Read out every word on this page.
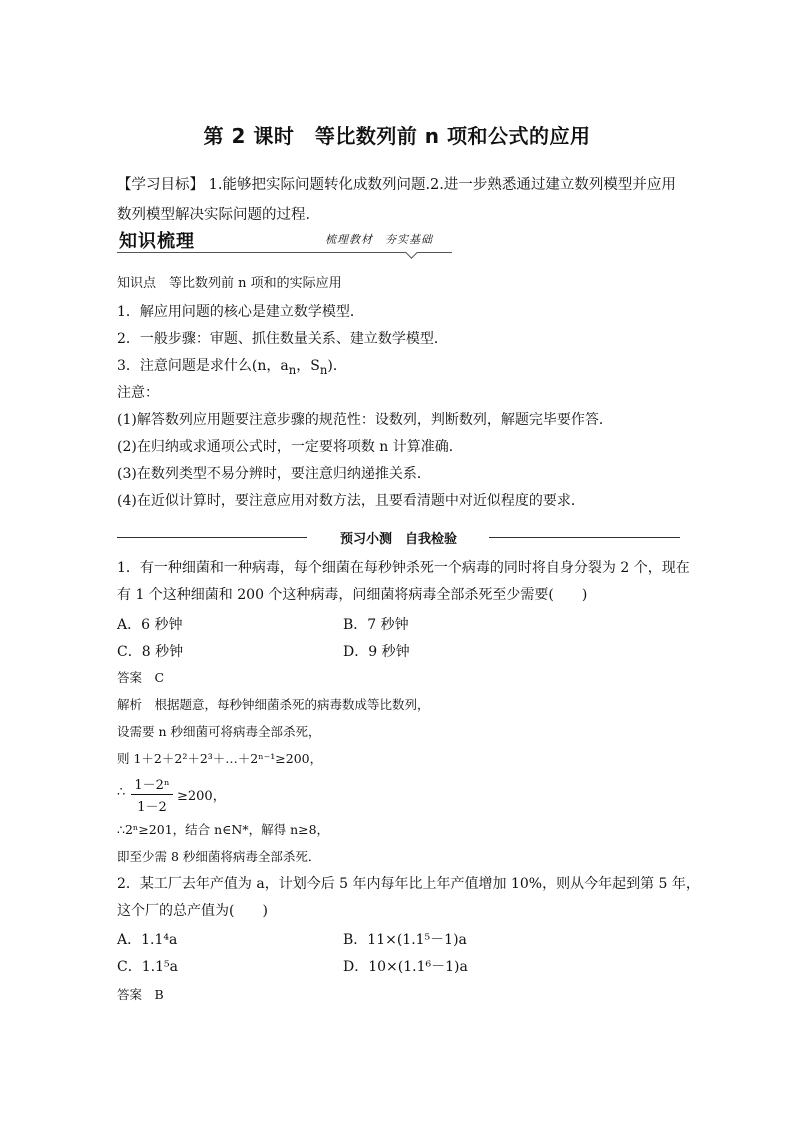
第 2 课时　等比数列前 n 项和公式的应用
【学习目标】 1.能够把实际问题转化成数列问题.2.进一步熟悉通过建立数列模型并应用数列模型解决实际问题的过程．
知识梳理	梳理教材　夯实基础
知识点　等比数列前 n 项和的实际应用
1．解应用问题的核心是建立数学模型．
2．一般步骤：审题、抓住数量关系、建立数学模型．
3．注意问题是求什么(n，$a_n$，$S_n$)．
注意：
(1)解答数列应用题要注意步骤的规范性：设数列，判断数列，解题完毕要作答．
(2)在归纳或求通项公式时，一定要将项数 n 计算准确．
(3)在数列类型不易分辨时，要注意归纳递推关系．
(4)在近似计算时，要注意应用对数方法，且要看清题中对近似程度的要求．
预习小测　自我检验
1．有一种细菌和一种病毒，每个细菌在每秒钟杀死一个病毒的同时将自身分裂为 2 个，现在
有 1 个这种细菌和 200 个这种病毒，问细菌将病毒全部杀死至少需要(　　)
A．6 秒钟	B．7 秒钟
C．8 秒钟	D．9 秒钟
答案　C
解析　根据题意，每秒钟细菌杀死的病毒数成等比数列，
设需要 n 秒细菌可将病毒全部杀死，
则 1＋2＋2²＋2³＋…＋2ⁿ⁻¹≥200，
∴ 1－2ⁿ
1－2
≥200，
∴2ⁿ≥201，结合 n∈N*，解得 n≥8，
即至少需 8 秒细菌将病毒全部杀死．
2．某工厂去年产值为 a，计划今后 5 年内每年比上年产值增加 10%，则从今年起到第 5 年，
这个厂的总产值为(　　)
A．1.1⁴a	B．11×(1.1⁵－1)a
C．1.1⁵a	D．10×(1.1⁶－1)a
答案　B
